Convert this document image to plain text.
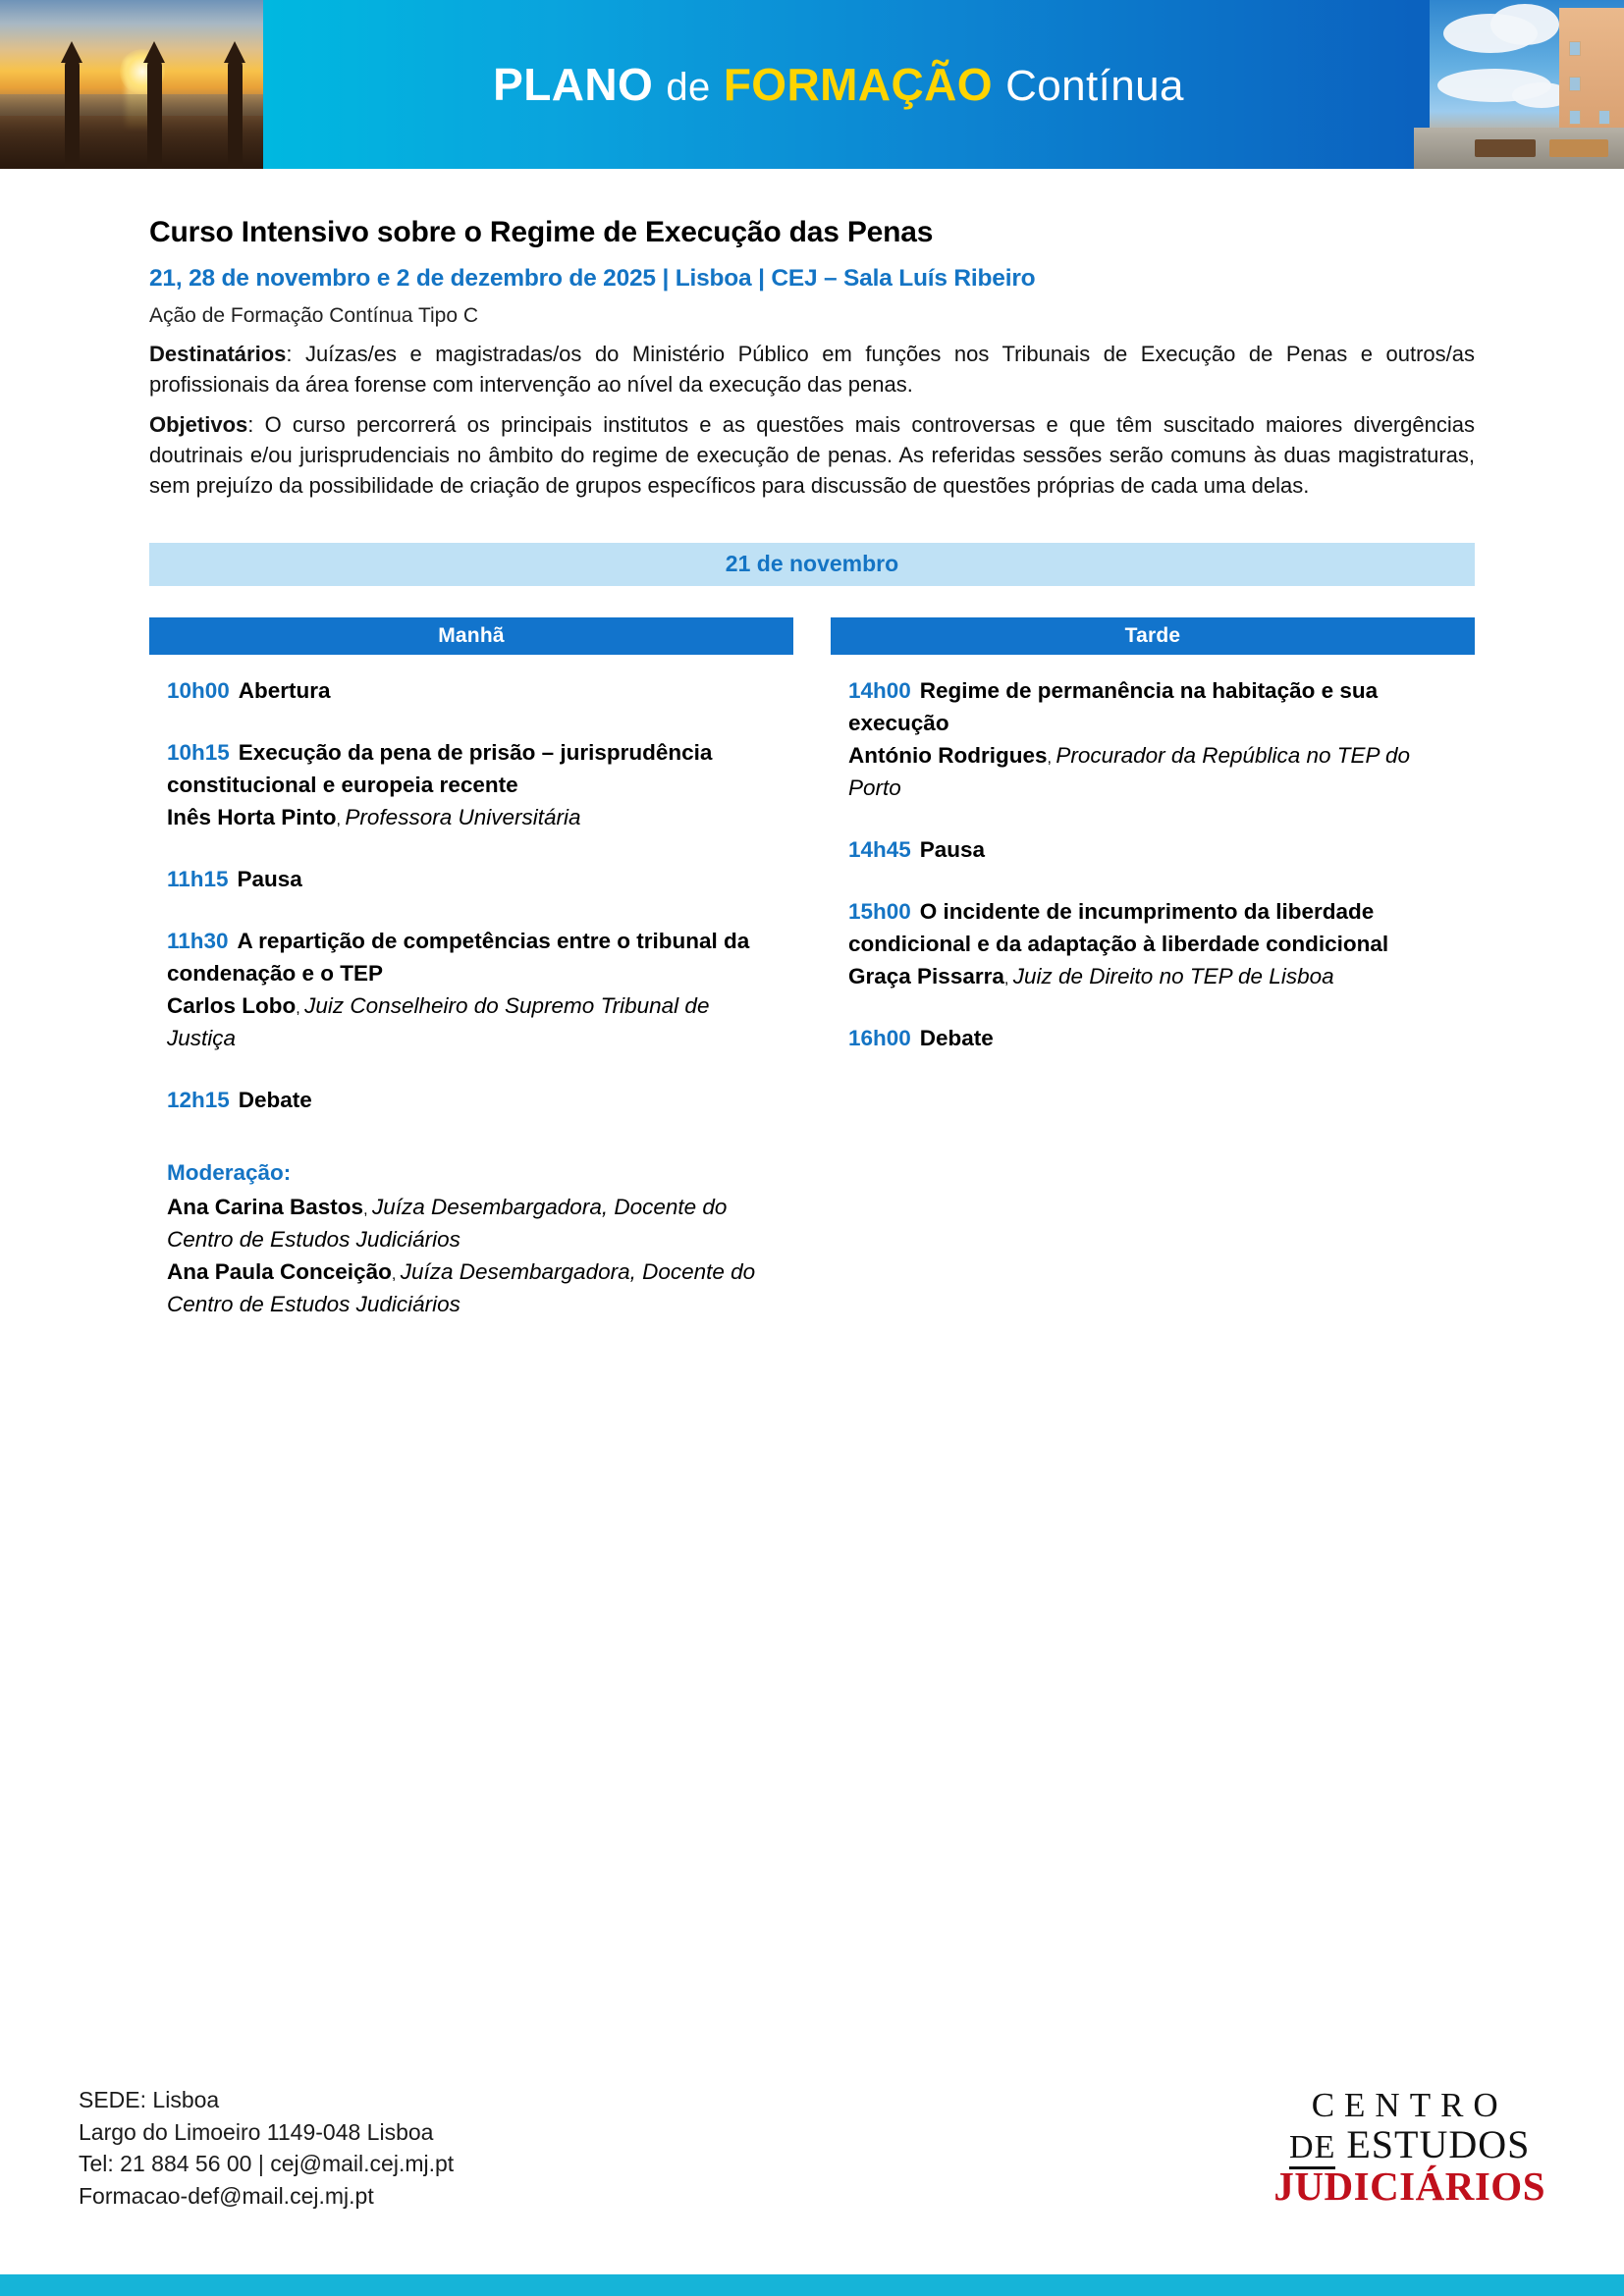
PLANO de FORMAÇÃO Contínua
Curso Intensivo sobre o Regime de Execução das Penas
21, 28 de novembro e 2 de dezembro de 2025 | Lisboa | CEJ – Sala Luís Ribeiro
Ação de Formação Contínua Tipo C
Destinatários: Juízas/es e magistradas/os do Ministério Público em funções nos Tribunais de Execução de Penas e outros/as profissionais da área forense com intervenção ao nível da execução das penas.
Objetivos: O curso percorrerá os principais institutos e as questões mais controversas e que têm suscitado maiores divergências doutrinais e/ou jurisprudenciais no âmbito do regime de execução de penas. As referidas sessões serão comuns às duas magistraturas, sem prejuízo da possibilidade de criação de grupos específicos para discussão de questões próprias de cada uma delas.
21 de novembro
Manhã
10h00 Abertura
10h15 Execução da pena de prisão – jurisprudência constitucional e europeia recente
Inês Horta Pinto, Professora Universitária
11h15 Pausa
11h30 A repartição de competências entre o tribunal da condenação e o TEP
Carlos Lobo, Juiz Conselheiro do Supremo Tribunal de Justiça
12h15 Debate
Moderação:
Ana Carina Bastos, Juíza Desembargadora, Docente do Centro de Estudos Judiciários
Ana Paula Conceição, Juíza Desembargadora, Docente do Centro de Estudos Judiciários
Tarde
14h00 Regime de permanência na habitação e sua execução
António Rodrigues, Procurador da República no TEP do Porto
14h45 Pausa
15h00 O incidente de incumprimento da liberdade condicional e da adaptação à liberdade condicional
Graça Pissarra, Juiz de Direito no TEP de Lisboa
16h00 Debate
SEDE: Lisboa
Largo do Limoeiro 1149-048 Lisboa
Tel: 21 884 56 00 | cej@mail.cej.mj.pt
Formacao-def@mail.cej.mj.pt
CENTRO
DE ESTUDOS
JUDICIÁRIOS
